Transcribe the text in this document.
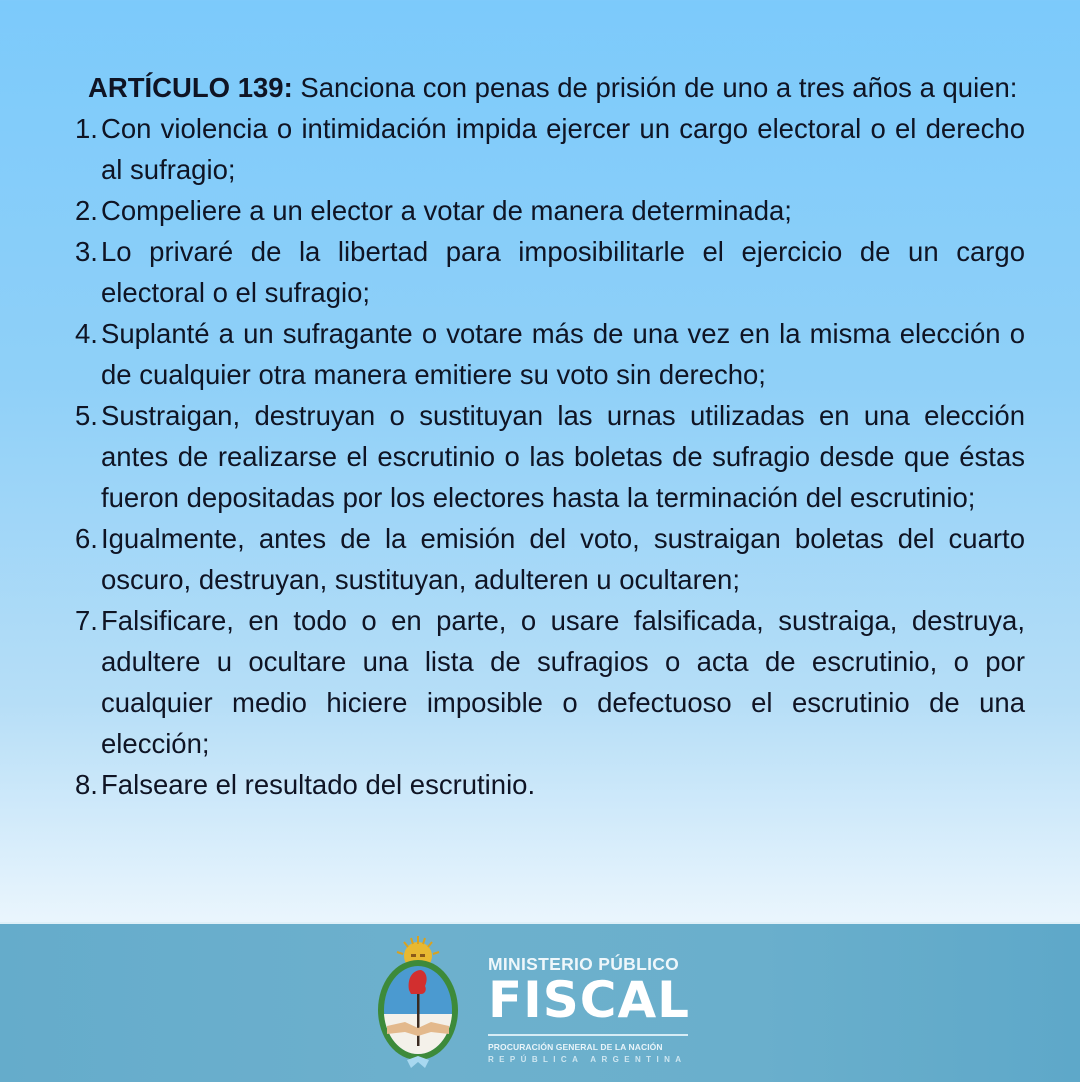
ARTÍCULO 139: Sanciona con penas de prisión de uno a tres años a quien:

1. Con violencia o intimidación impida ejercer un cargo electoral o el derecho al sufragio;
2. Compeliere a un elector a votar de manera determinada;
3. Lo privaré de la libertad para imposibilitarle el ejercicio de un cargo electoral o el sufragio;
4. Suplanté a un sufragante o votare más de una vez en la misma elección o de cualquier otra manera emitiere su voto sin derecho;
5. Sustraigan, destruyan o sustituyan las urnas utilizadas en una elección antes de realizarse el escrutinio o las boletas de sufragio desde que éstas fueron depositadas por los electores hasta la terminación del escrutinio;
6. Igualmente, antes de la emisión del voto, sustraigan boletas del cuarto oscuro, destruyan, sustituyan, adulteren u ocultaren;
7. Falsificare, en todo o en parte, o usare falsificada, sustraiga, destruya, adultere u ocultare una lista de sufragios o acta de escrutinio, o por cualquier medio hiciere imposible o defectuoso el escrutinio de una elección;
8. Falseare el resultado del escrutinio.
MINISTERIO PÚBLICO
FISCAL
PROCURACIÓN GENERAL DE LA NACIÓN
REPÚBLICA ARGENTINA
